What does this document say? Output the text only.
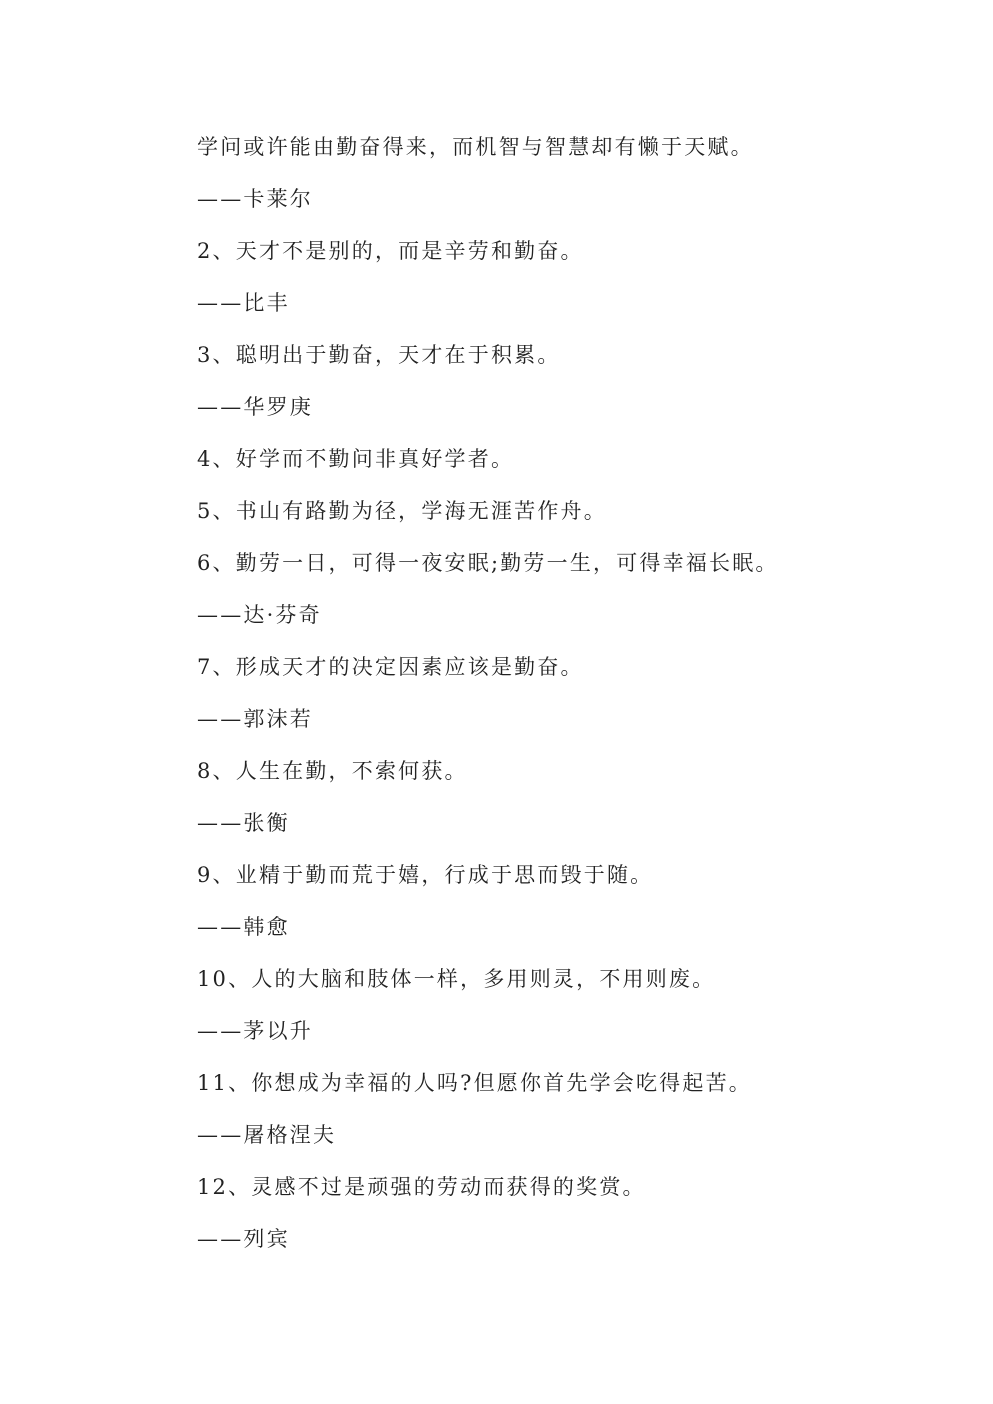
学问或许能由勤奋得来，而机智与智慧却有懒于天赋。
——卡莱尔
2、天才不是别的，而是辛劳和勤奋。
——比丰
3、聪明出于勤奋，天才在于积累。
——华罗庚
4、好学而不勤问非真好学者。
5、书山有路勤为径，学海无涯苦作舟。
6、勤劳一日，可得一夜安眠;勤劳一生，可得幸福长眠。
——达·芬奇
7、形成天才的决定因素应该是勤奋。
——郭沫若
8、人生在勤，不索何获。
——张衡
9、业精于勤而荒于嬉，行成于思而毁于随。
——韩愈
10、人的大脑和肢体一样，多用则灵，不用则废。
——茅以升
11、你想成为幸福的人吗?但愿你首先学会吃得起苦。
——屠格涅夫
12、灵感不过是顽强的劳动而获得的奖赏。
——列宾
